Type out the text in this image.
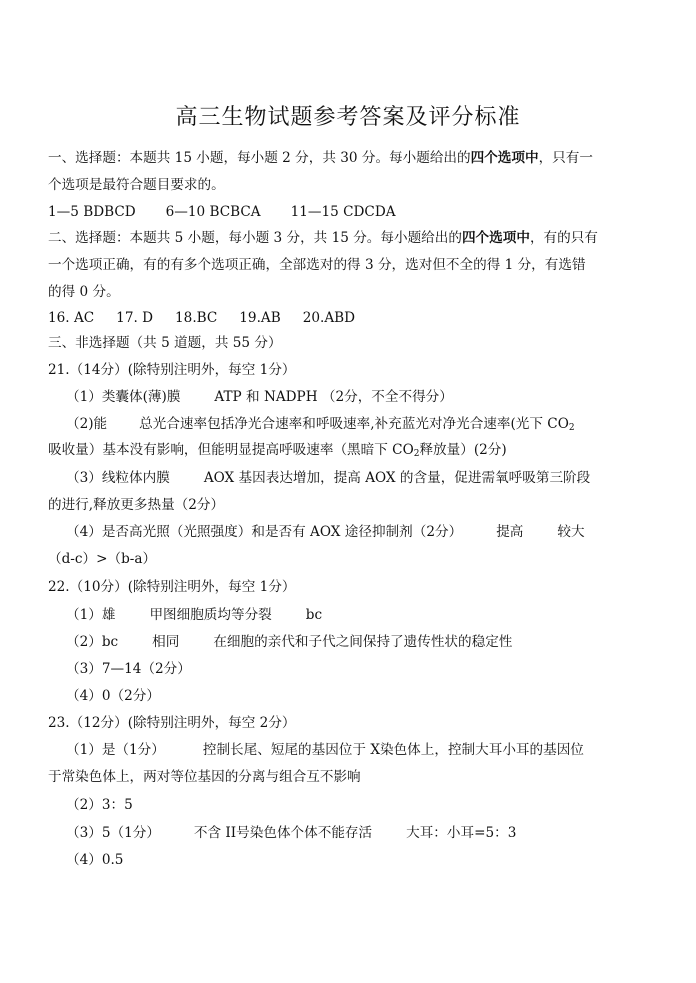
高三生物试题参考答案及评分标准
一、选择题：本题共 15 小题，每小题 2 分，共 30 分。每小题给出的四个选项中，只有一
个选项是最符合题目要求的。
1—5 BDBCD 6—10 BCBCA 11—15 CDCDA
二、选择题：本题共 5 小题，每小题 3 分，共 15 分。每小题给出的四个选项中，有的只有
一个选项正确，有的有多个选项正确，全部选对的得 3 分，选对但不全的得 1 分，有选错
的得 0 分。
16. AC 17. D 18.BC 19.AB 20.ABD
三、非选择题（共 5 道题，共 55 分）
21.（14分）(除特别注明外，每空 1分）
（1）类囊体(薄)膜	ATP 和 NADPH （2分，不全不得分）
（2)能 总光合速率包括净光合速率和呼吸速率,补充蓝光对净光合速率(光下 $CO_2$
吸收量）基本没有影响，但能明显提高呼吸速率（黑暗下 $CO_2$释放量）(2分)
（3）线粒体内膜	AOX 基因表达增加，提高 AOX 的含量，促进需氧呼吸第三阶段
的进行,释放更多热量（2分）
（4）是否高光照（光照强度）和是否有 AOX 途径抑制剂（2分）	提高	较大
（d-c）>（b-a）
22.（10分）(除特别注明外，每空 1分）
（1）雄	甲图细胞质均等分裂	bc
（2）bc	相同	在细胞的亲代和子代之间保持了遗传性状的稳定性
（3）7—14（2分）
（4）0（2分）
23.（12分）(除特别注明外，每空 2分）
（1）是（1分）	控制长尾、短尾的基因位于 X染色体上，控制大耳小耳的基因位
于常染色体上，两对等位基因的分离与组合互不影响
（2）3：5
（3）5（1分）	不含 II号染色体个体不能存活	大耳：小耳=5：3
（4）0.5
